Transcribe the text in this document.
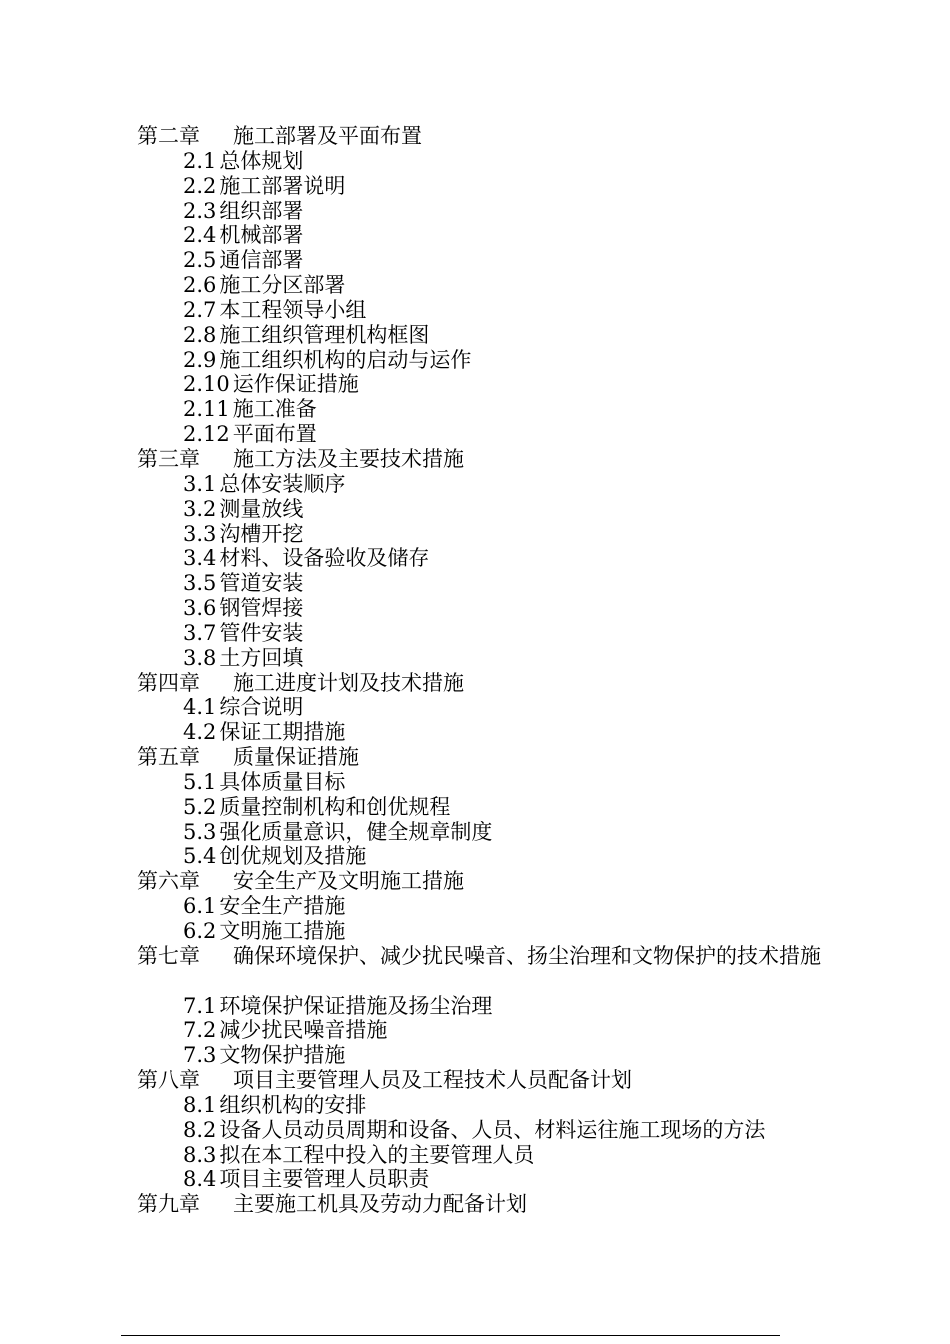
第二章	施工部署及平面布置
2.1 总体规划
2.2 施工部署说明
2.3 组织部署
2.4 机械部署
2.5 通信部署
2.6 施工分区部署
2.7 本工程领导小组
2.8 施工组织管理机构框图
2.9 施工组织机构的启动与运作
2.10 运作保证措施
2.11 施工准备
2.12 平面布置
第三章	施工方法及主要技术措施
3.1 总体安装顺序
3.2 测量放线
3.3 沟槽开挖
3.4 材料、设备验收及储存
3.5 管道安装
3.6 钢管焊接
3.7 管件安装
3.8 土方回填
第四章	施工进度计划及技术措施
4.1 综合说明
4.2 保证工期措施
第五章	质量保证措施
5.1 具体质量目标
5.2 质量控制机构和创优规程
5.3 强化质量意识，健全规章制度
5.4 创优规划及措施
第六章	安全生产及文明施工措施
6.1 安全生产措施
6.2 文明施工措施
第七章	确保环境保护、减少扰民噪音、扬尘治理和文物保护的技术措施
7.1 环境保护保证措施及扬尘治理
7.2 减少扰民噪音措施
7.3 文物保护措施
第八章	项目主要管理人员及工程技术人员配备计划
8.1 组织机构的安排
8.2 设备人员动员周期和设备、人员、材料运往施工现场的方法
8.3 拟在本工程中投入的主要管理人员
8.4 项目主要管理人员职责
第九章	主要施工机具及劳动力配备计划
